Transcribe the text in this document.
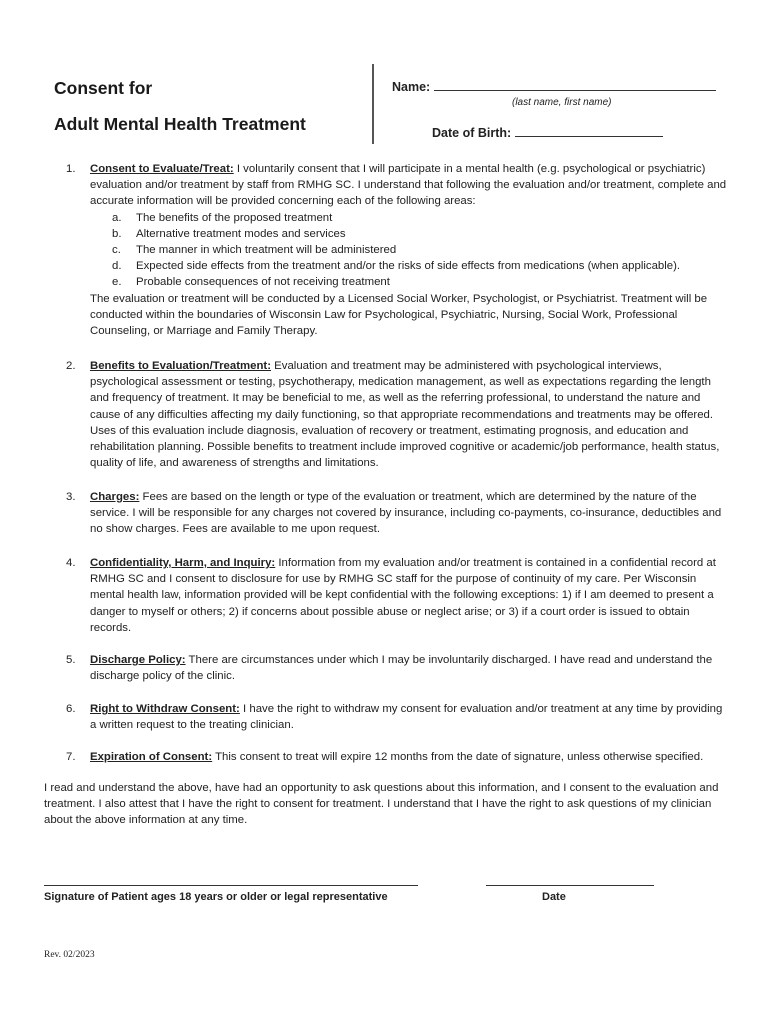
Consent for
Adult Mental Health Treatment
Name:
(last name, first name)
Date of Birth:
1.	Consent to Evaluate/Treat: I voluntarily consent that I will participate in a mental health (e.g. psychological or psychiatric) evaluation and/or treatment by staff from RMHG SC. I understand that following the evaluation and/or treatment, complete and accurate information will be provided concerning each of the following areas:
a.	The benefits of the proposed treatment
b.	Alternative treatment modes and services
c.	The manner in which treatment will be administered
d.	Expected side effects from the treatment and/or the risks of side effects from medications (when applicable).
e.	Probable consequences of not receiving treatment
The evaluation or treatment will be conducted by a Licensed Social Worker, Psychologist, or Psychiatrist. Treatment will be conducted within the boundaries of Wisconsin Law for Psychological, Psychiatric, Nursing, Social Work, Professional Counseling, or Marriage and Family Therapy.
2.	Benefits to Evaluation/Treatment: Evaluation and treatment may be administered with psychological interviews, psychological assessment or testing, psychotherapy, medication management, as well as expectations regarding the length and frequency of treatment. It may be beneficial to me, as well as the referring professional, to understand the nature and cause of any difficulties affecting my daily functioning, so that appropriate recommendations and treatments may be offered. Uses of this evaluation include diagnosis, evaluation of recovery or treatment, estimating prognosis, and education and rehabilitation planning. Possible benefits to treatment include improved cognitive or academic/job performance, health status, quality of life, and awareness of strengths and limitations.
3.	Charges: Fees are based on the length or type of the evaluation or treatment, which are determined by the nature of the service. I will be responsible for any charges not covered by insurance, including co-payments, co-insurance, deductibles and no show charges. Fees are available to me upon request.
4.	Confidentiality, Harm, and Inquiry: Information from my evaluation and/or treatment is contained in a confidential record at RMHG SC and I consent to disclosure for use by RMHG SC staff for the purpose of continuity of my care. Per Wisconsin mental health law, information provided will be kept confidential with the following exceptions: 1) if I am deemed to present a danger to myself or others; 2) if concerns about possible abuse or neglect arise; or 3) if a court order is issued to obtain records.
5.	Discharge Policy: There are circumstances under which I may be involuntarily discharged. I have read and understand the discharge policy of the clinic.
6.	Right to Withdraw Consent: I have the right to withdraw my consent for evaluation and/or treatment at any time by providing a written request to the treating clinician.
7.	Expiration of Consent: This consent to treat will expire 12 months from the date of signature, unless otherwise specified.
I read and understand the above, have had an opportunity to ask questions about this information, and I consent to the evaluation and treatment. I also attest that I have the right to consent for treatment. I understand that I have the right to ask questions of my clinician about the above information at any time.
Signature of Patient ages 18 years or older or legal representative	Date
Rev. 02/2023
